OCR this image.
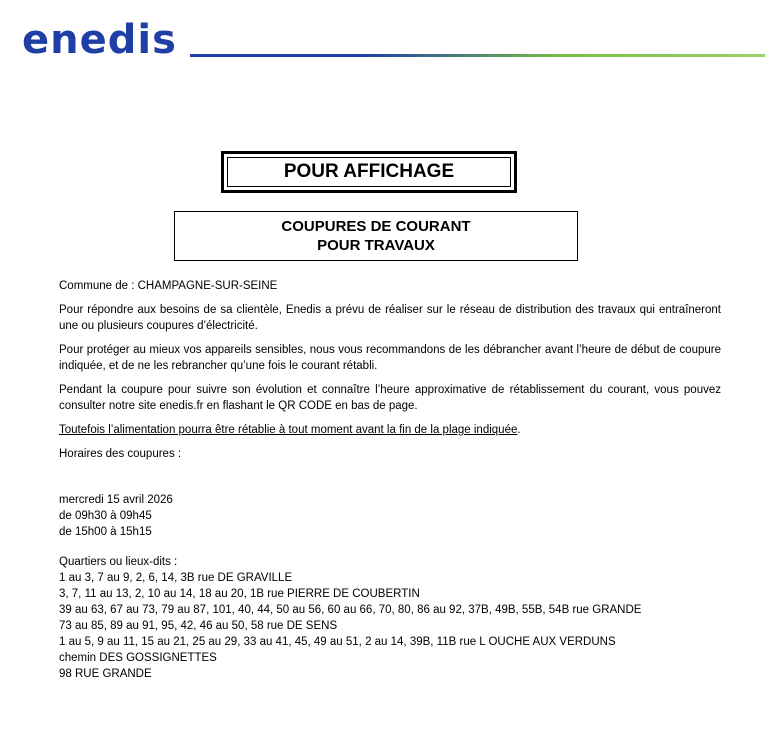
enedis
POUR AFFICHAGE
COUPURES DE COURANT
POUR TRAVAUX

Commune de : CHAMPAGNE-SUR-SEINE

Pour répondre aux besoins de sa clientèle, Enedis a prévu de réaliser sur le réseau de distribution des travaux qui entraîneront une ou plusieurs coupures d’électricité.

Pour protéger au mieux vos appareils sensibles, nous vous recommandons de les débrancher avant l’heure de début de coupure indiquée, et de ne les rebrancher qu’une fois le courant rétabli.

Pendant la coupure pour suivre son évolution et connaître l’heure approximative de rétablissement du courant, vous pouvez consulter notre site enedis.fr en flashant le QR CODE en bas de page.

Toutefois l’alimentation pourra être rétablie à tout moment avant la fin de la plage indiquée.

Horaires des coupures :

mercredi 15 avril 2026
de 09h30 à 09h45
de 15h00 à 15h15
Quartiers ou lieux-dits :
1 au 3, 7 au 9, 2, 6, 14, 3B rue DE GRAVILLE
3, 7, 11 au 13, 2, 10 au 14, 18 au 20, 1B rue PIERRE DE COUBERTIN
39 au 63, 67 au 73, 79 au 87, 101, 40, 44, 50 au 56, 60 au 66, 70, 80, 86 au 92, 37B, 49B, 55B, 54B rue GRANDE
73 au 85, 89 au 91, 95, 42, 46 au 50, 58 rue DE SENS
1 au 5, 9 au 11, 15 au 21, 25 au 29, 33 au 41, 45, 49 au 51, 2 au 14, 39B, 11B rue L OUCHE AUX VERDUNS
chemin DES GOSSIGNETTES
98 RUE GRANDE
